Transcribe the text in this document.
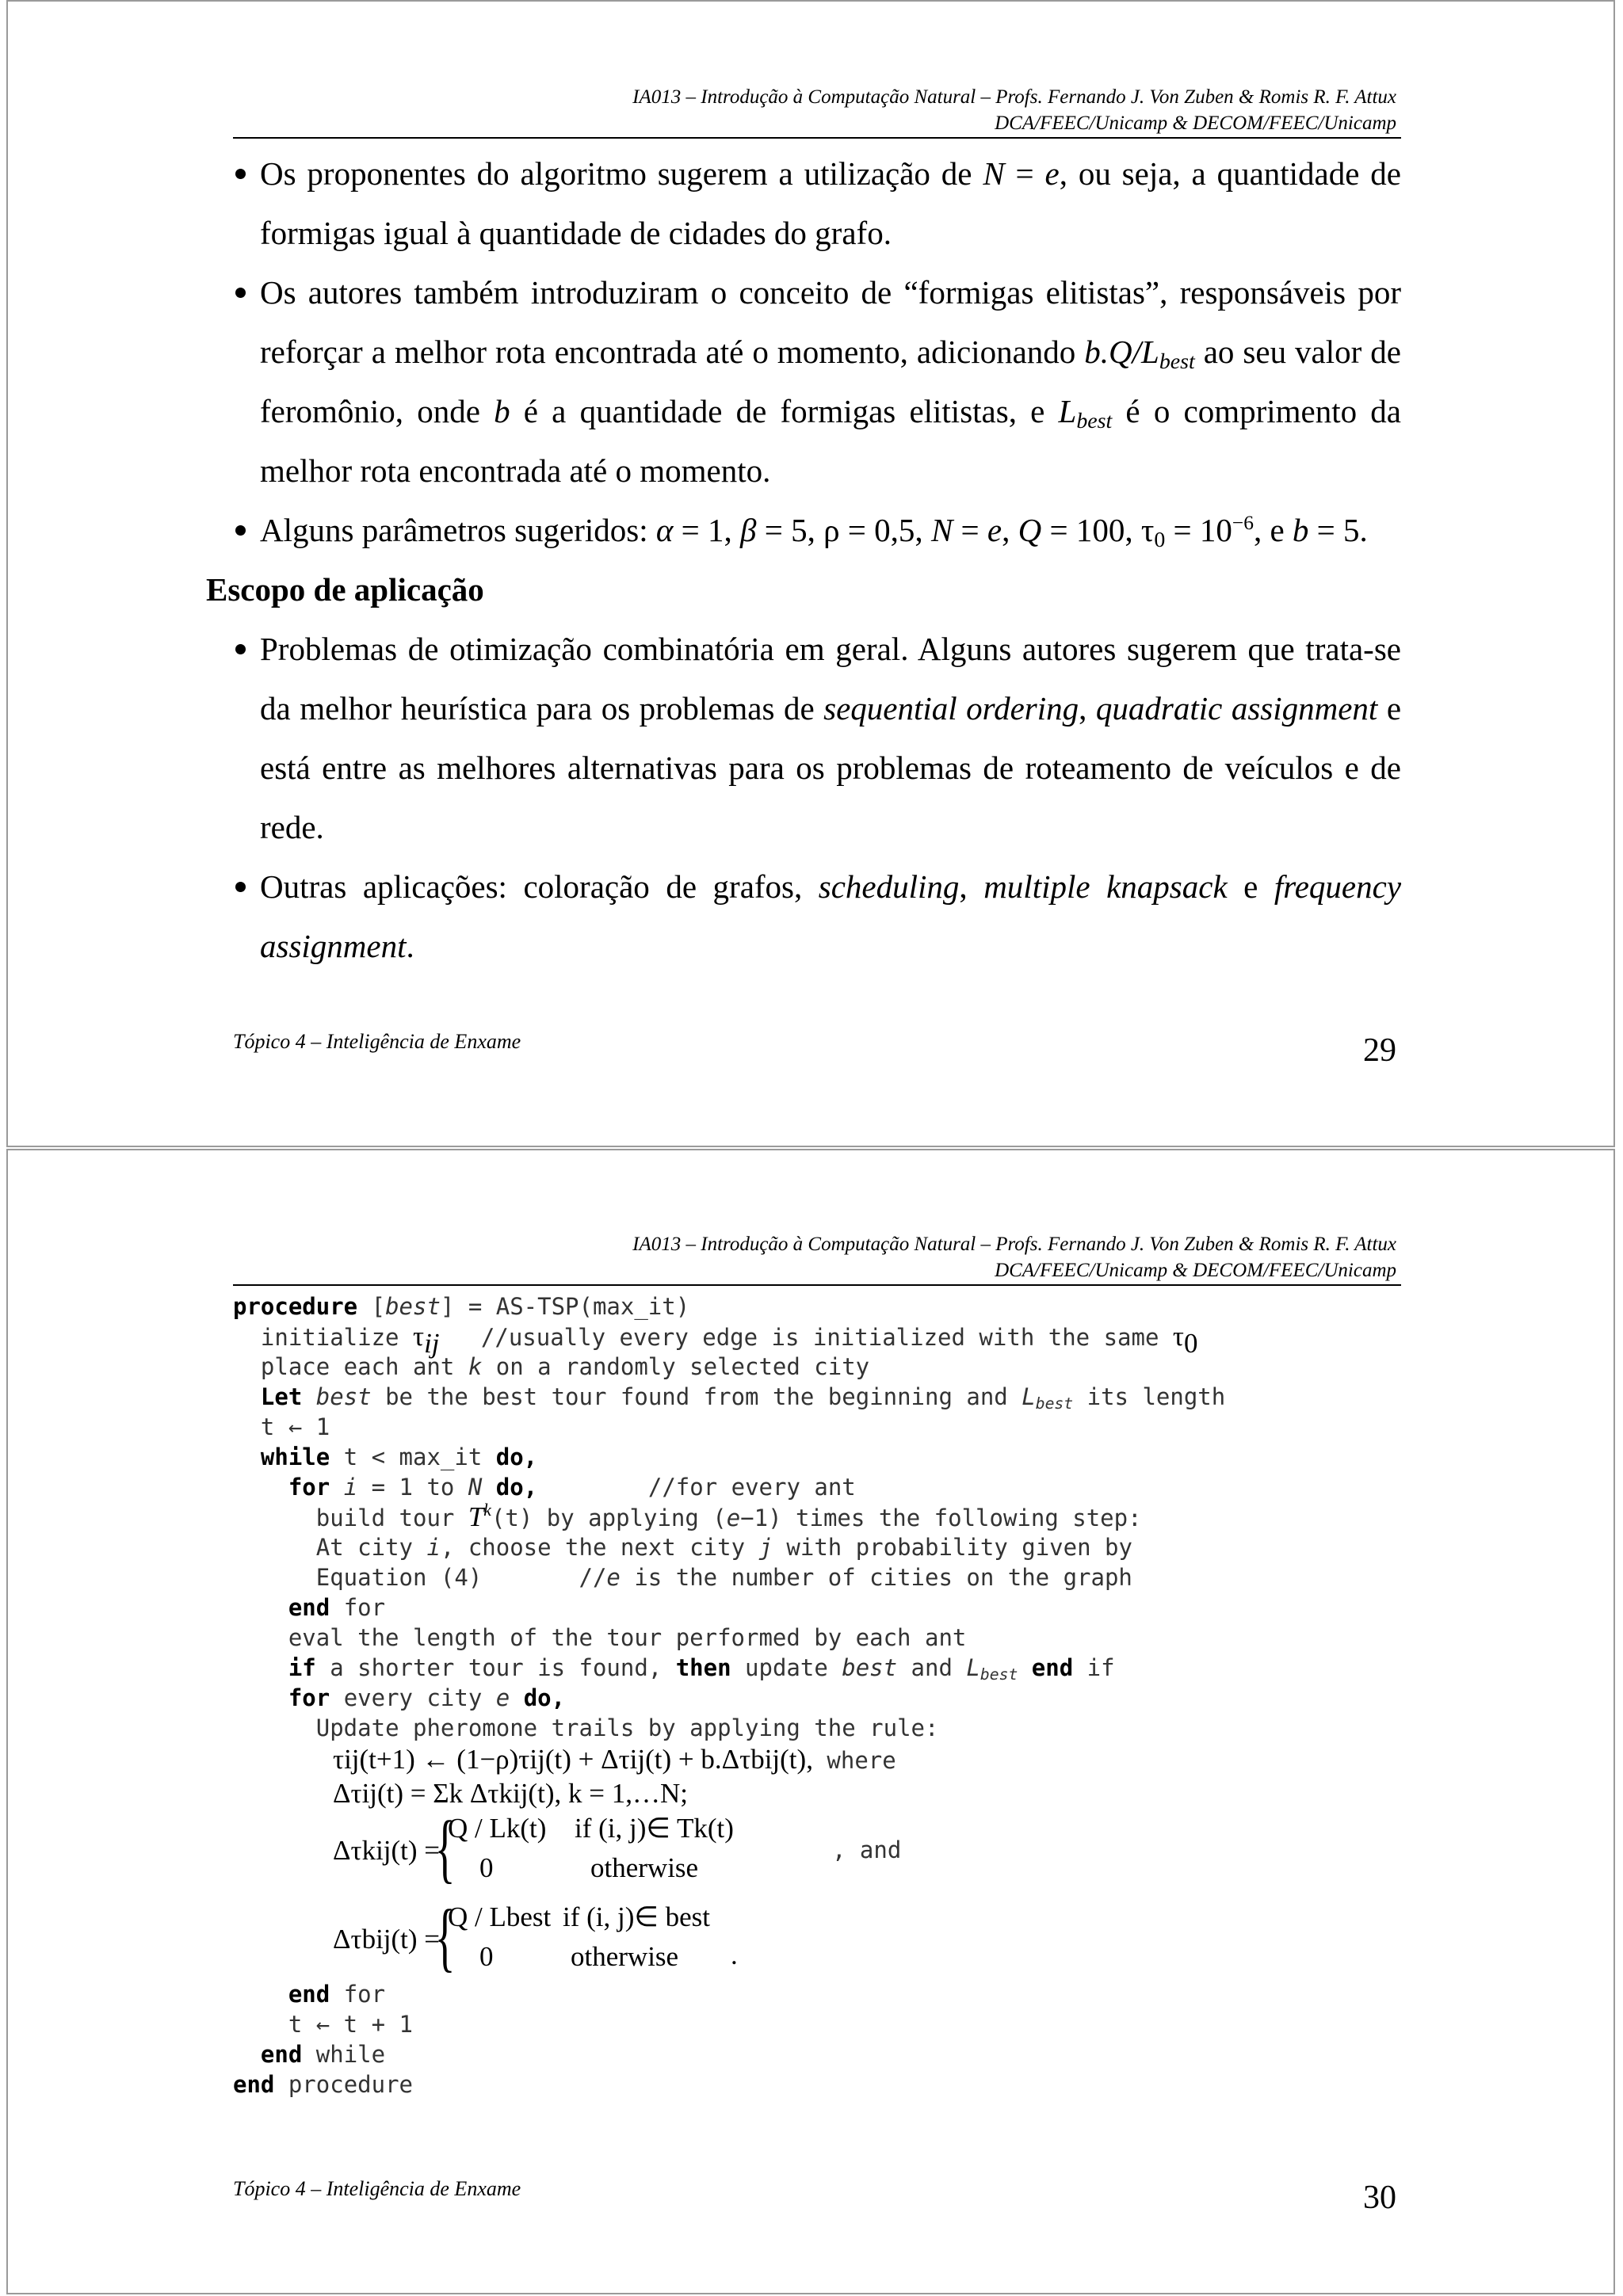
IA013 – Introdução à Computação Natural – Profs. Fernando J. Von Zuben & Romis R. F. Attux
DCA/FEEC/Unicamp & DECOM/FEEC/Unicamp
Os proponentes do algoritmo sugerem a utilização de N = e, ou seja, a quantidade de formigas igual à quantidade de cidades do grafo.
Os autores também introduziram o conceito de “formigas elitistas”, responsáveis por reforçar a melhor rota encontrada até o momento, adicionando $b.Q/L_{best}$ ao seu valor de feromônio, onde b é a quantidade de formigas elitistas, e $L_{best}$ é o comprimento da melhor rota encontrada até o momento.
Alguns parâmetros sugeridos: α = 1, β = 5, ρ = 0,5, N = e, Q = 100, $\tau_0 = 10^{-6}$, e b = 5.
Escopo de aplicação
Problemas de otimização combinatória em geral. Alguns autores sugerem que trata-se da melhor heurística para os problemas de sequential ordering, quadratic assignment e está entre as melhores alternativas para os problemas de roteamento de veículos e de rede.
Outras aplicações: coloração de grafos, scheduling, multiple knapsack e frequency assignment.
Tópico 4 – Inteligência de Enxame	29
IA013 – Introdução à Computação Natural – Profs. Fernando J. Von Zuben & Romis R. F. Attux
DCA/FEEC/Unicamp & DECOM/FEEC/Unicamp
procedure [best] = AS-TSP(max_it)
initialize $\tau_{ij}$   //usually every edge is initialized with the same $\tau_0$
place each ant k on a randomly selected city
Let best be the best tour found from the beginning and $L_{best}$ its length
t ← 1
while t < max_it do,
for i = 1 to N do,        //for every ant
build tour $T^k(t)$ by applying (e−1) times the following step:
At city i, choose the next city j with probability given by
Equation (4)       //e is the number of cities on the graph
end for
eval the length of the tour performed by each ant
if a shorter tour is found, then update best and $L_{best}$ end if
for every city e do,
Update pheromone trails by applying the rule:
τij(t+1) ← (1−ρ)τij(t) + Δτij(t) + b.Δτbij(t), where
Δτij(t) = Σk Δτkij(t), k = 1,…N;
Δτkij(t) =
{
Q / Lk(t) if (i, j)∈ Tk(t)
0	otherwise
, and
Δτbij(t) =
{
Q / Lbest if (i, j)∈ best
0	otherwise .
end for
t ← t + 1
end while
end procedure
Tópico 4 – Inteligência de Enxame	30
